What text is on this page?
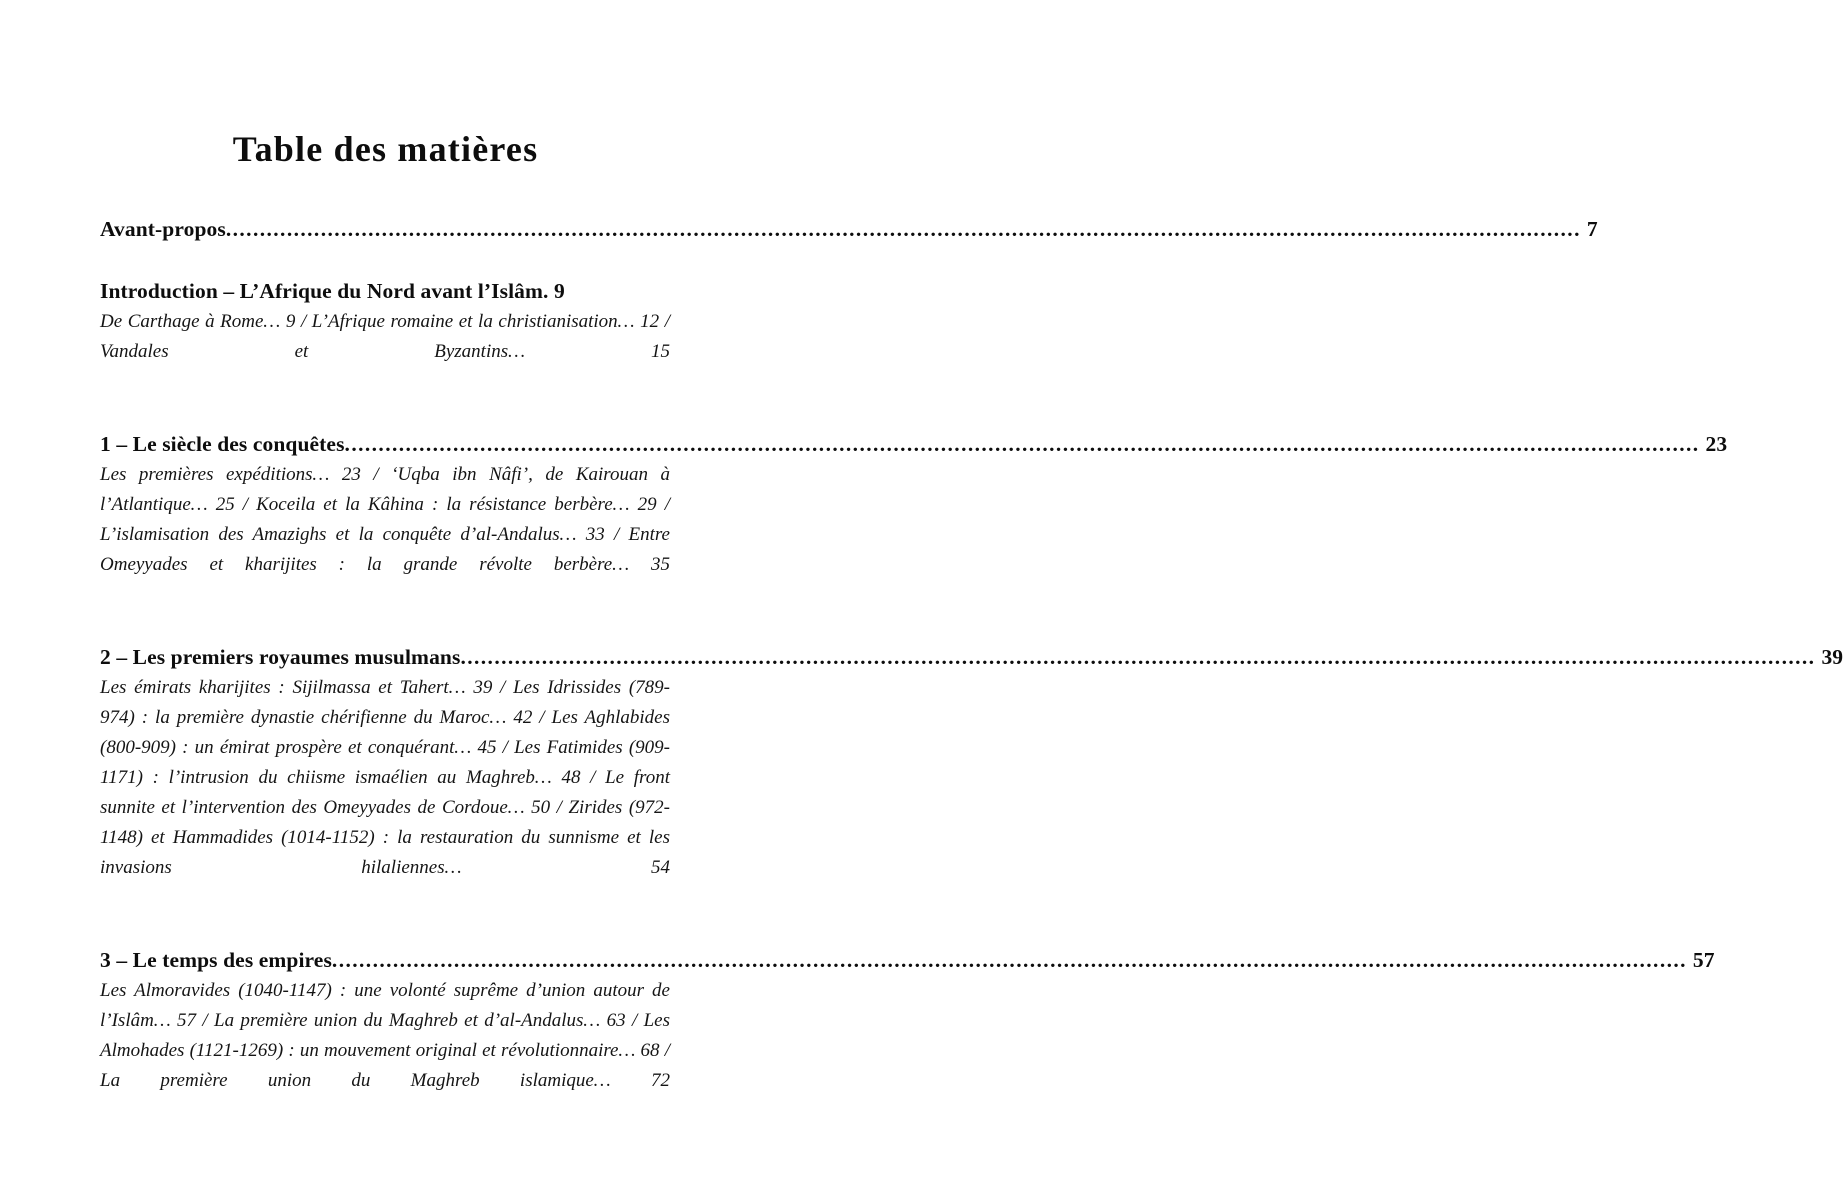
Table des matières
Avant-propos ........................................................................................................................................................................................................ 7
Introduction – L’Afrique du Nord avant l’Islâm. 9
De Carthage à Rome… 9 / L’Afrique romaine et la christianisation… 12 / Vandales et Byzantins… 15
1 – Le siècle des conquêtes ........................................................................................................................................................................................................ 23
Les premières expéditions… 23 / ‘Uqba ibn Nâfi’, de Kairouan à l’Atlantique… 25 / Koceila et la Kâhina : la résistance berbère… 29 / L’islamisation des Amazighs et la conquête d’al-Andalus… 33 / Entre Omeyyades et kharijites : la grande révolte berbère… 35
2 – Les premiers royaumes musulmans ........................................................................................................................................................................................................ 39
Les émirats kharijites : Sijilmassa et Tahert… 39 / Les Idrissides (789-974) : la première dynastie chérifienne du Maroc… 42 / Les Aghlabides (800-909) : un émirat prospère et conquérant… 45 / Les Fatimides (909-1171) : l’intrusion du chiisme ismaélien au Maghreb… 48 / Le front sunnite et l’intervention des Omeyyades de Cordoue… 50 / Zirides (972-1148) et Hammadides (1014-1152) : la restauration du sunnisme et les invasions hilaliennes… 54
3 – Le temps des empires ........................................................................................................................................................................................................ 57
Les Almoravides (1040-1147) : une volonté suprême d’union autour de l’Islâm… 57 / La première union du Maghreb et d’al-Andalus… 63 / Les Almohades (1121-1269) : un mouvement original et révolutionnaire… 68 / La première union du Maghreb islamique… 72
